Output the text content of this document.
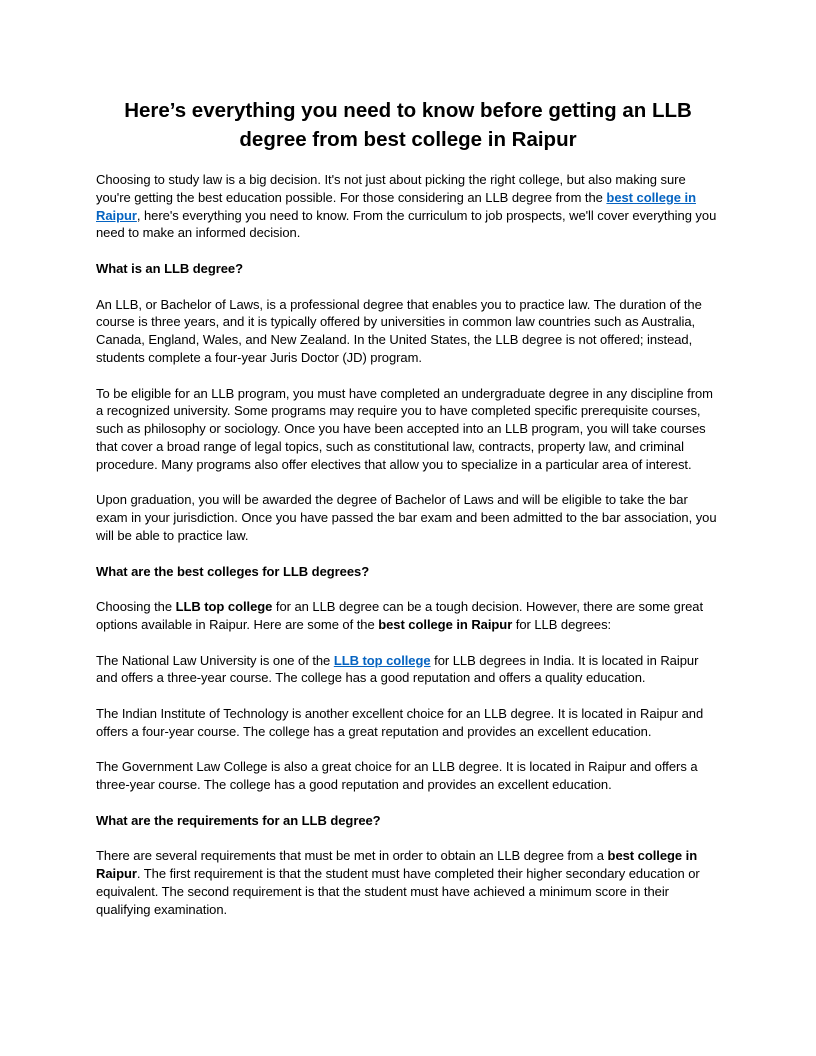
Here’s everything you need to know before getting an LLB
degree from best college in Raipur

Choosing to study law is a big decision. It's not just about picking the right college, but also making sure you're getting the best education possible. For those considering an LLB degree from the best college in Raipur, here's everything you need to know. From the curriculum to job prospects, we'll cover everything you need to make an informed decision.

What is an LLB degree?

An LLB, or Bachelor of Laws, is a professional degree that enables you to practice law. The duration of the course is three years, and it is typically offered by universities in common law countries such as Australia, Canada, England, Wales, and New Zealand. In the United States, the LLB degree is not offered; instead, students complete a four-year Juris Doctor (JD) program.

To be eligible for an LLB program, you must have completed an undergraduate degree in any discipline from a recognized university. Some programs may require you to have completed specific prerequisite courses, such as philosophy or sociology. Once you have been accepted into an LLB program, you will take courses that cover a broad range of legal topics, such as constitutional law, contracts, property law, and criminal procedure. Many programs also offer electives that allow you to specialize in a particular area of interest.

Upon graduation, you will be awarded the degree of Bachelor of Laws and will be eligible to take the bar exam in your jurisdiction. Once you have passed the bar exam and been admitted to the bar association, you will be able to practice law.

What are the best colleges for LLB degrees?

Choosing the LLB top college for an LLB degree can be a tough decision. However, there are some great options available in Raipur. Here are some of the best college in Raipur for LLB degrees:

The National Law University is one of the LLB top college for LLB degrees in India. It is located in Raipur and offers a three-year course. The college has a good reputation and offers a quality education.

The Indian Institute of Technology is another excellent choice for an LLB degree. It is located in Raipur and offers a four-year course. The college has a great reputation and provides an excellent education.

The Government Law College is also a great choice for an LLB degree. It is located in Raipur and offers a three-year course. The college has a good reputation and provides an excellent education.

What are the requirements for an LLB degree?

There are several requirements that must be met in order to obtain an LLB degree from a best college in Raipur. The first requirement is that the student must have completed their higher secondary education or equivalent. The second requirement is that the student must have achieved a minimum score in their qualifying examination.
